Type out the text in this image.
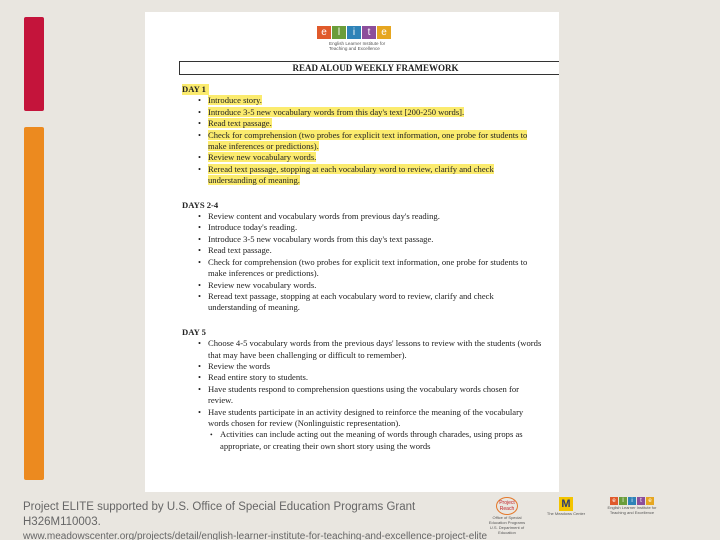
e	l	i	t	e
English Learner Institute for Teaching and Excellence
READ ALOUD WEEKLY FRAMEWORK
DAY 1
• Introduce story.
• Introduce 3-5 new vocabulary words from this day's text [200-250 words].
• Read text passage.
• Check for comprehension (two probes for explicit text information, one probe for students to make inferences or predictions).
• Review new vocabulary words.
• Reread text passage, stopping at each vocabulary word to review, clarify and check understanding of meaning.
DAYS 2-4
• Review content and vocabulary words from previous day's reading.
• Introduce today's reading.
• Introduce 3-5 new vocabulary words from this day's text passage.
• Read text passage.
• Check for comprehension (two probes for explicit text information, one probe for students to make inferences or predictions).
• Review new vocabulary words.
• Reread text passage, stopping at each vocabulary word to review, clarify and check understanding of meaning.
DAY 5
• Choose 4-5 vocabulary words from the previous days' lessons to review with the students (words that may have been challenging or difficult to remember).
• Review the words
• Read entire story to students.
• Have students respond to comprehension questions using the vocabulary words chosen for review.
• Have students participate in an activity designed to reinforce the meaning of the vocabulary words chosen for review (Nonlinguistic representation).
• Activities can include acting out the meaning of words through charades, using props as appropriate, or creating their own short story using the words
Project ELITE supported by U.S. Office of Special Education Programs Grant H326M110003.
www.meadowscenter.org/projects/detail/english-learner-institute-for-teaching-and-excellence-project-elite
Project Reach
Office of Special Education Programs U.S. Department of Education
M
The Meadows Center
e	l	i	t	e
English Learner Institute for Teaching and Excellence
